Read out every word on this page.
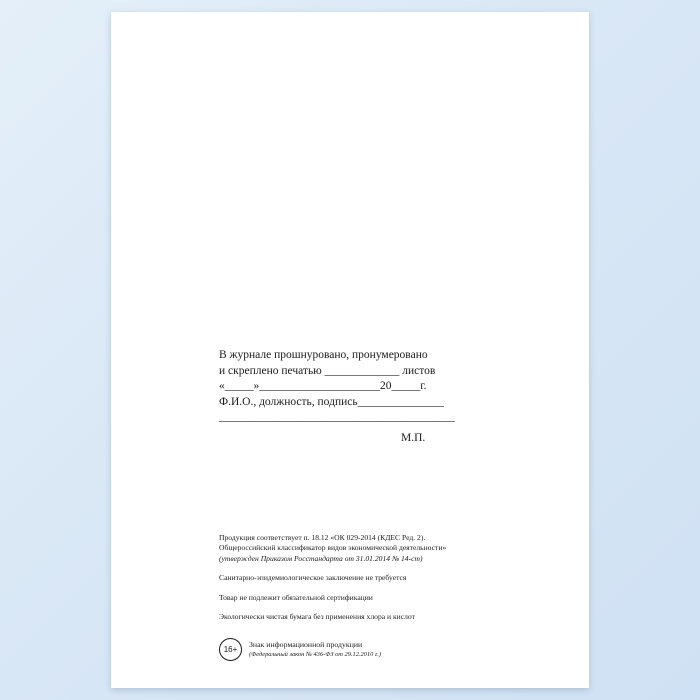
В журнале прошнуровано, пронумеровано
и скреплено печатью _____________ листов
«_____»_____________________20_____г.
Ф.И.О., должность, подпись_______________
_________________________________________
М.П.
Продукция соответствует п. 18.12 «ОК 029-2014 (КДЕС Ред. 2).
Общероссийский классификатор видов экономической деятельности»
(утвержден Приказом Росстандарта от 31.01.2014 № 14-ст)
Санитарно-эпидемиологическое заключение не требуется
Товар не подлежит обязательной сертификации
Экологически чистая бумага без применения хлора и кислот
16+
Знак информационной продукции
(Федеральный закон № 436-ФЗ от 29.12.2010 г.)
